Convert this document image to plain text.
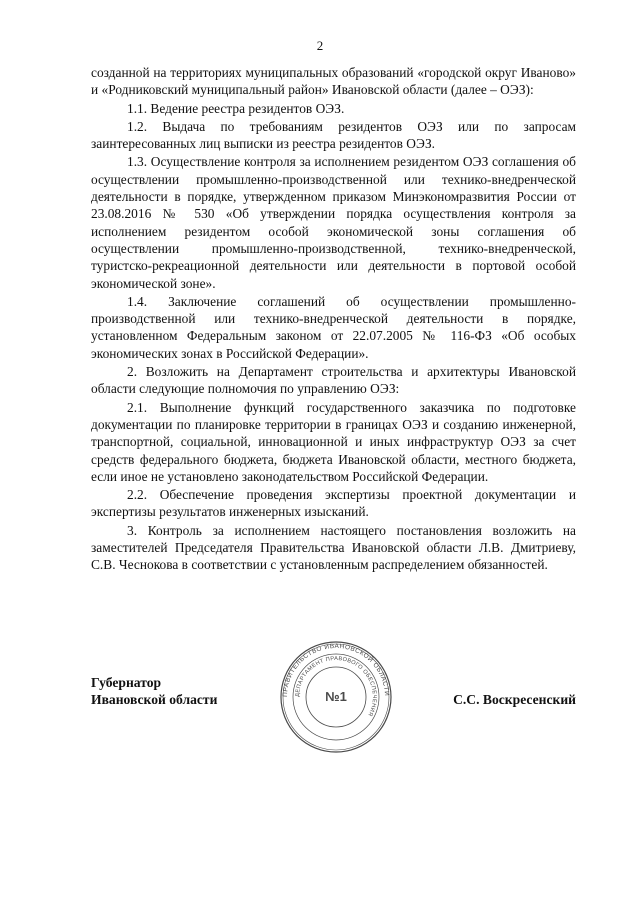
2

созданной на территориях муниципальных образований «городской округ Иваново» и «Родниковский муниципальный район» Ивановской области (далее – ОЭЗ):

1.1. Ведение реестра резидентов ОЭЗ.

1.2. Выдача по требованиям резидентов ОЭЗ или по запросам заинтересованных лиц выписки из реестра резидентов ОЭЗ.

1.3. Осуществление контроля за исполнением резидентом ОЭЗ соглашения об осуществлении промышленно-производственной или технико-внедренческой деятельности в порядке, утвержденном приказом Минэкономразвития России от 23.08.2016 № 530 «Об утверждении порядка осуществления контроля за исполнением резидентом особой экономической зоны соглашения об осуществлении промышленно-производственной, технико-внедренческой, туристско-рекреационной деятельности или деятельности в портовой особой экономической зоне».

1.4. Заключение соглашений об осуществлении промышленно-производственной или технико-внедренческой деятельности в порядке, установленном Федеральным законом от 22.07.2005 № 116-ФЗ «Об особых экономических зонах в Российской Федерации».

2. Возложить на Департамент строительства и архитектуры Ивановской области следующие полномочия по управлению ОЭЗ:

2.1. Выполнение функций государственного заказчика по подготовке документации по планировке территории в границах ОЭЗ и созданию инженерной, транспортной, социальной, инновационной и иных инфраструктур ОЭЗ за счет средств федерального бюджета, бюджета Ивановской области, местного бюджета, если иное не установлено законодательством Российской Федерации.

2.2. Обеспечение проведения экспертизы проектной документации и экспертизы результатов инженерных изысканий.

3. Контроль за исполнением настоящего постановления возложить на заместителей Председателя Правительства Ивановской области Л.В. Дмитриеву, С.В. Чеснокова в соответствии с установленным распределением обязанностей.

Губернатор
Ивановской области	С.С. Воскресенский
ПРАВИТЕЛЬСТВО ИВАНОВСКОЙ ОБЛАСТИ
ДЕПАРТАМЕНТ ПРАВОВОГО ОБЕСПЕЧЕНИЯ
№1
